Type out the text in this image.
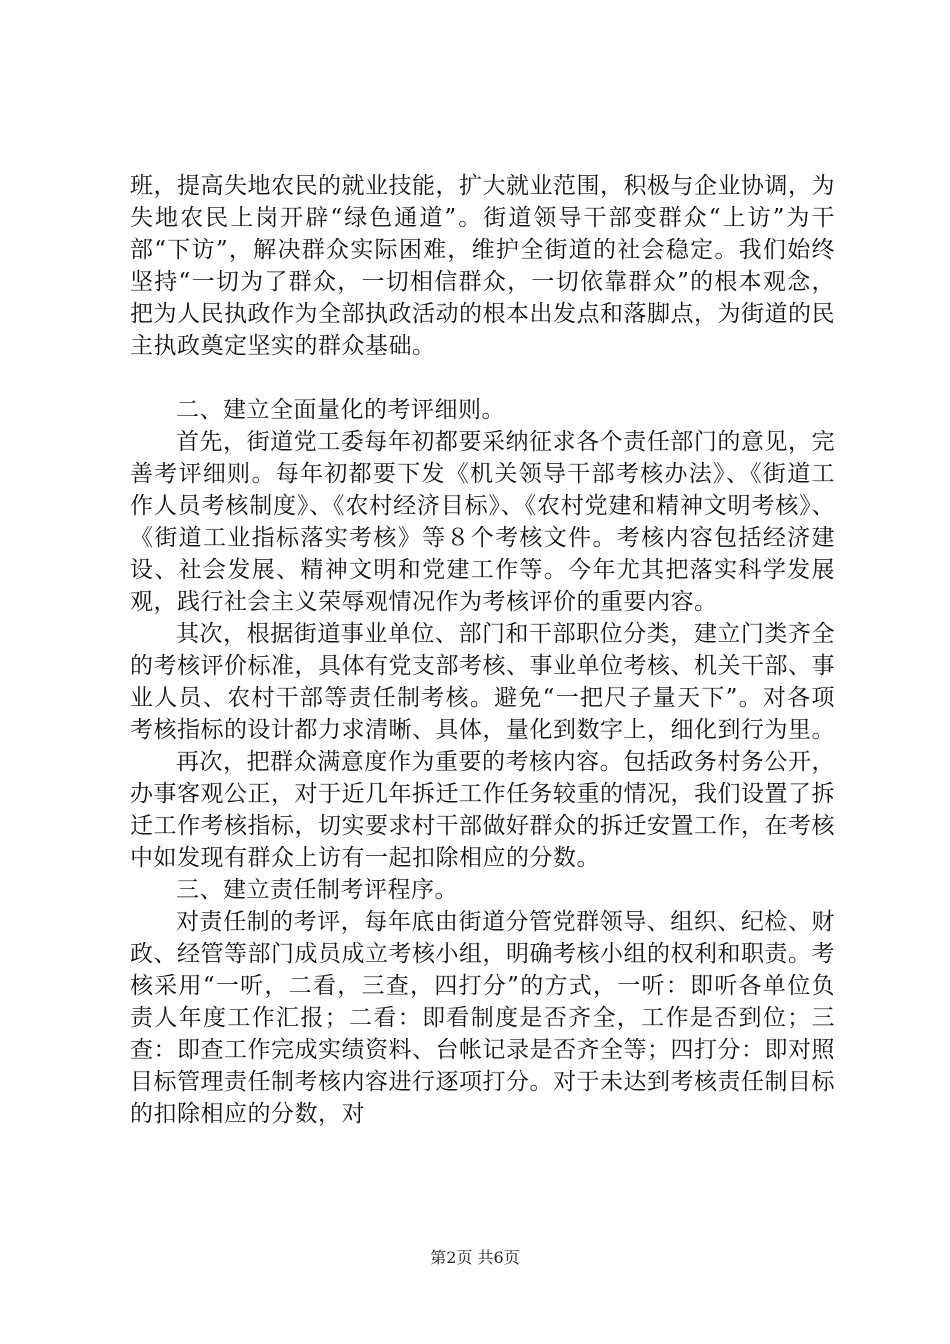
班，提高失地农民的就业技能，扩大就业范围，积极与企业协调，为失地农民上岗开辟“绿色通道”。街道领导干部变群众“上访”为干部“下访”，解决群众实际困难，维护全街道的社会稳定。我们始终坚持“一切为了群众，一切相信群众，一切依靠群众”的根本观念，把为人民执政作为全部执政活动的根本出发点和落脚点，为街道的民主执政奠定坚实的群众基础。

二、建立全面量化的考评细则。

首先，街道党工委每年初都要采纳征求各个责任部门的意见，完善考评细则。每年初都要下发《机关领导干部考核办法》、《街道工作人员考核制度》、《农村经济目标》、《农村党建和精神文明考核》、《街道工业指标落实考核》等８个考核文件。考核内容包括经济建设、社会发展、精神文明和党建工作等。今年尤其把落实科学发展观，践行社会主义荣辱观情况作为考核评价的重要内容。

其次，根据街道事业单位、部门和干部职位分类，建立门类齐全的考核评价标准，具体有党支部考核、事业单位考核、机关干部、事业人员、农村干部等责任制考核。避免“一把尺子量天下”。对各项考核指标的设计都力求清晰、具体，量化到数字上，细化到行为里。

再次，把群众满意度作为重要的考核内容。包括政务村务公开，办事客观公正，对于近几年拆迁工作任务较重的情况，我们设置了拆迁工作考核指标，切实要求村干部做好群众的拆迁安置工作，在考核中如发现有群众上访有一起扣除相应的分数。

三、建立责任制考评程序。

对责任制的考评，每年底由街道分管党群领导、组织、纪检、财政、经管等部门成员成立考核小组，明确考核小组的权利和职责。考核采用“一听，二看，三查，四打分”的方式，一听：即听各单位负责人年度工作汇报；二看：即看制度是否齐全，工作是否到位；三查：即查工作完成实绩资料、台帐记录是否齐全等；四打分：即对照目标管理责任制考核内容进行逐项打分。对于未达到考核责任制目标的扣除相应的分数，对

第2页 共6页
